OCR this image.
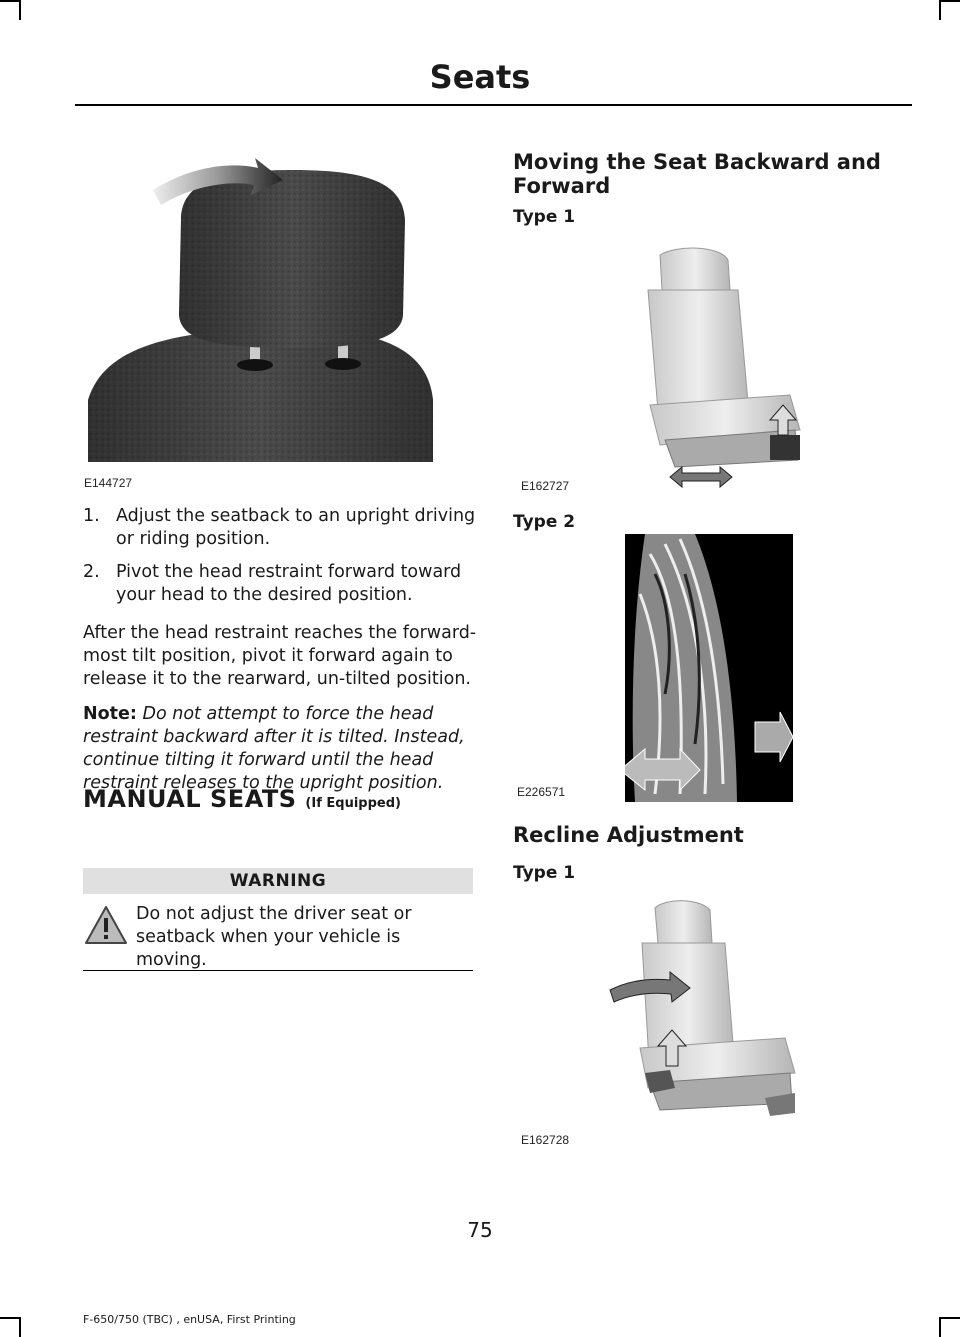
Seats
E144727
1. Adjust the seatback to an upright driving or riding position.
2. Pivot the head restraint forward toward your head to the desired position.

After the head restraint reaches the forward-most tilt position, pivot it forward again to release it to the rearward, un-tilted position.

Note: Do not attempt to force the head restraint backward after it is tilted. Instead, continue tilting it forward until the head restraint releases to the upright position.

MANUAL SEATS (If Equipped)
WARNING
Do not adjust the driver seat or seatback when your vehicle is moving.
Moving the Seat Backward and Forward
Type 1
E162727
Type 2
E226571
Recline Adjustment
Type 1
E162728
75
F-650/750 (TBC) , enUSA, First Printing
